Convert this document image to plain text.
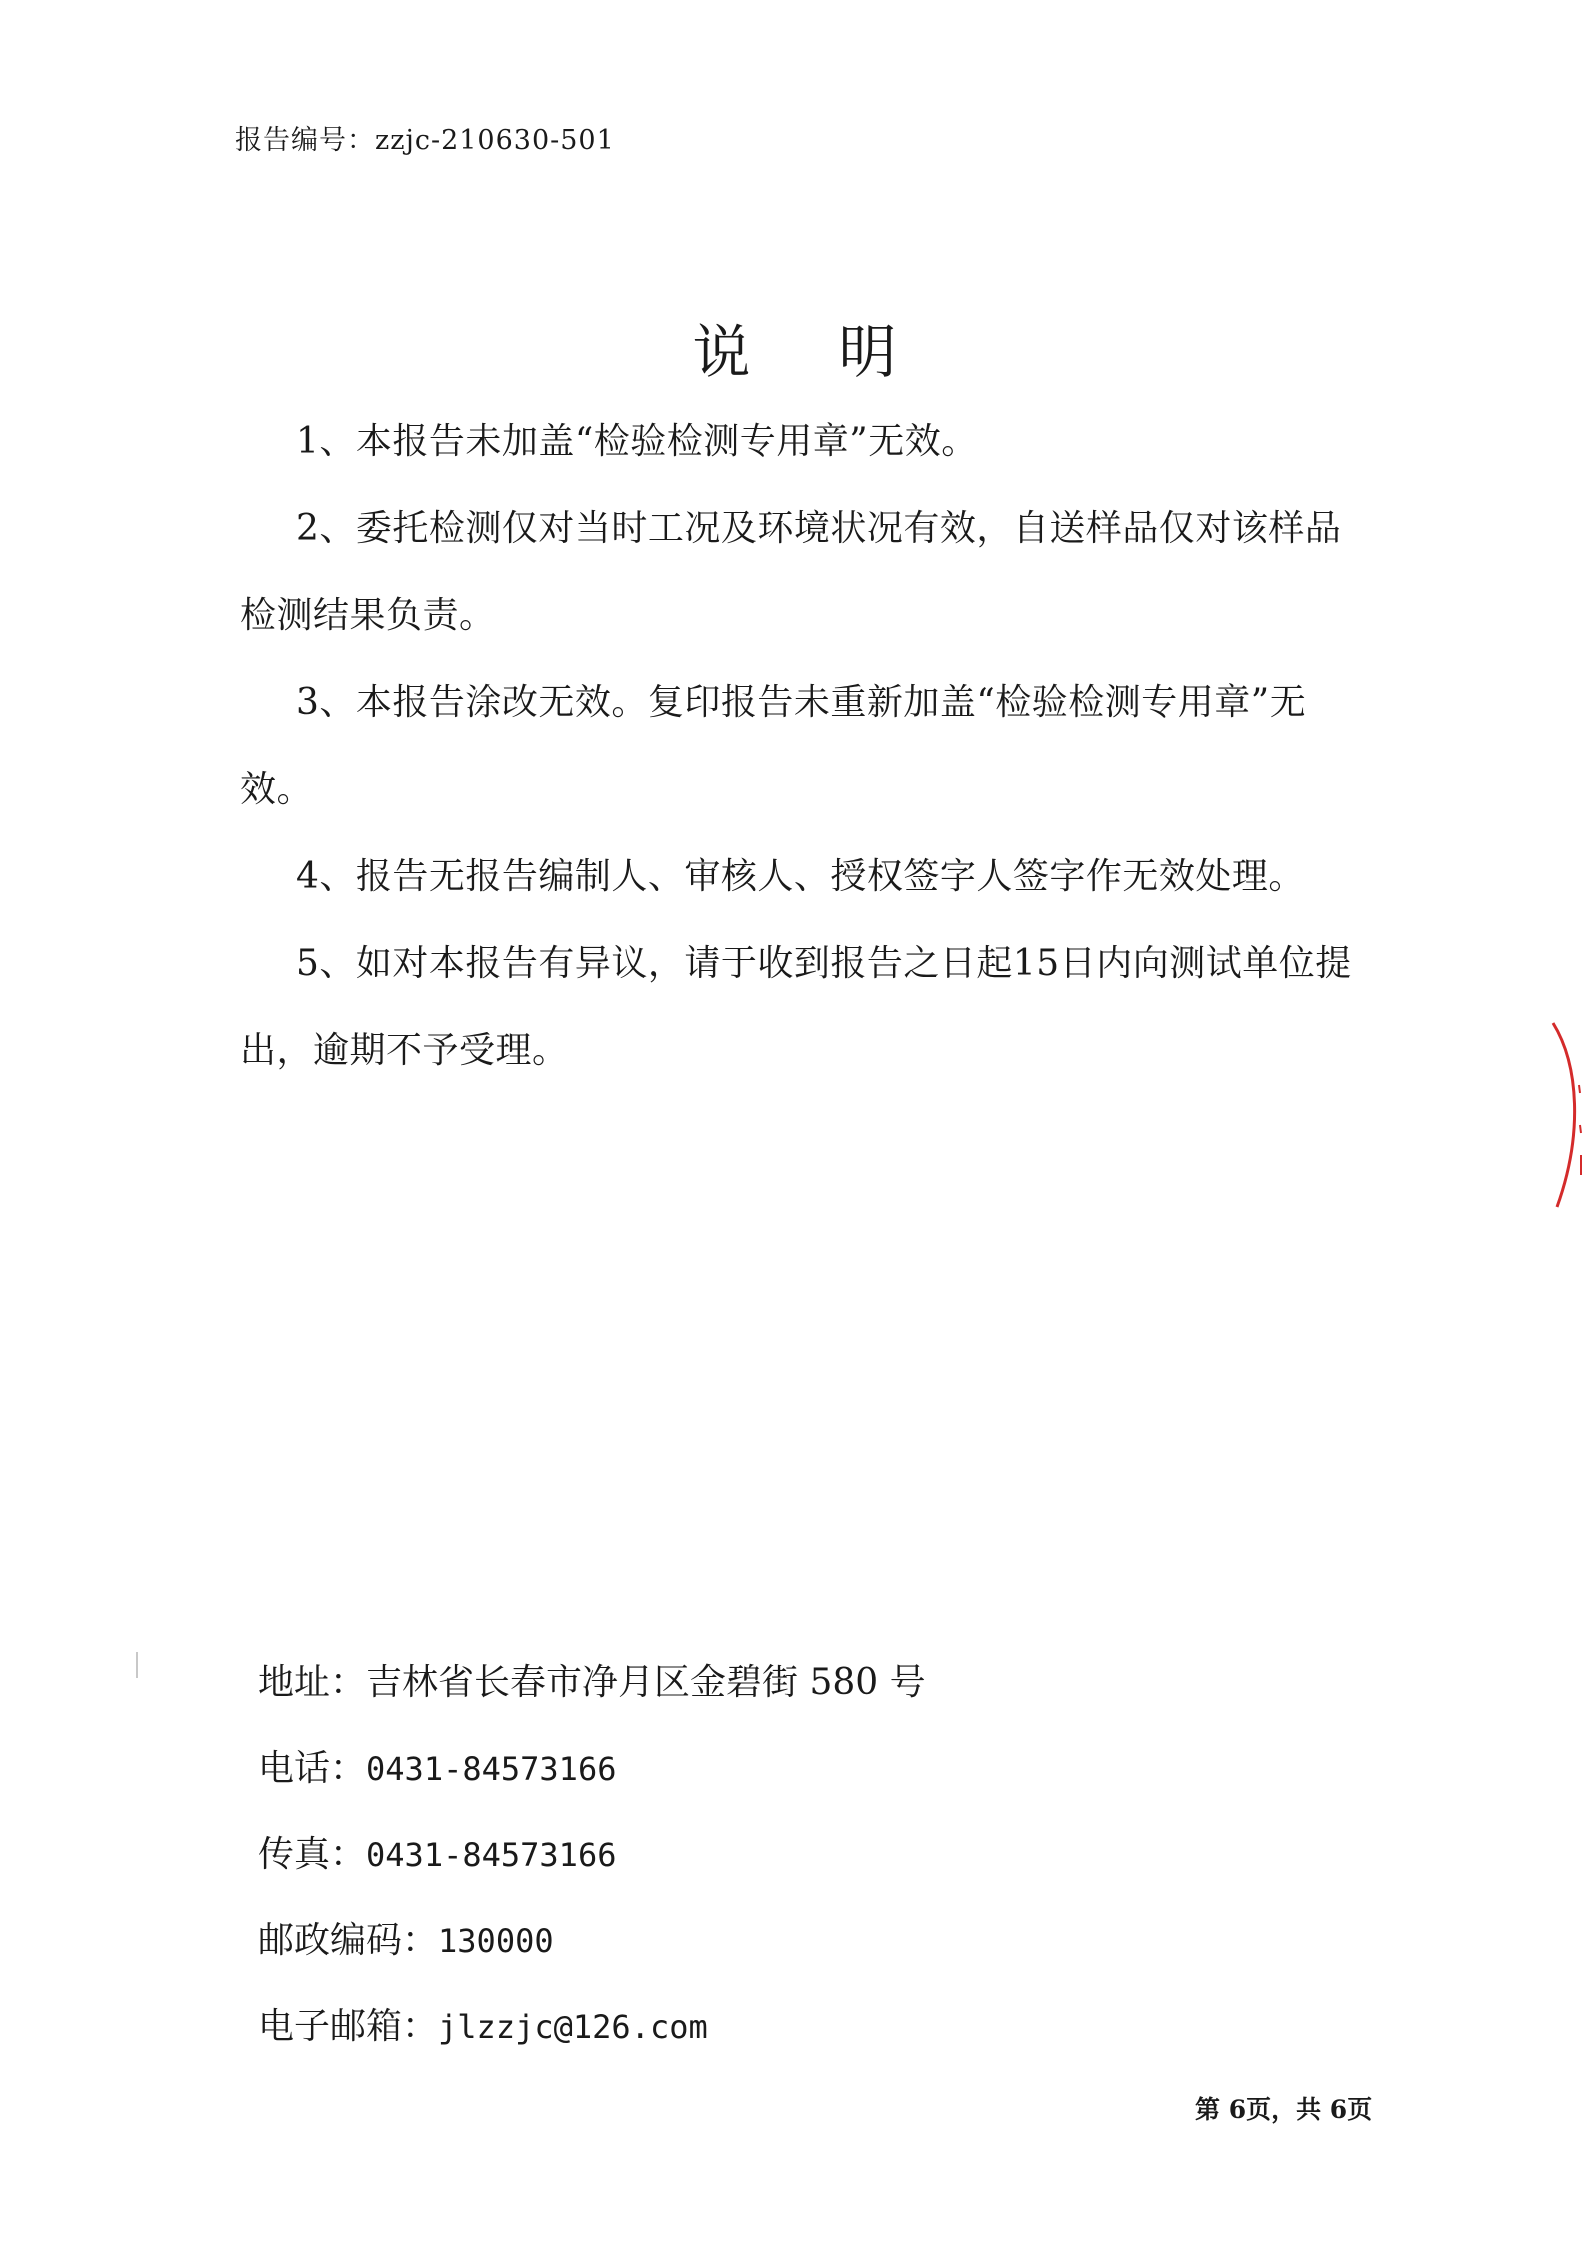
报告编号：zzjc-210630-501
说明

1、本报告未加盖“检验检测专用章”无效。

2、委托检测仅对当时工况及环境状况有效，自送样品仅对该样品检测结果负责。

3、本报告涂改无效。复印报告未重新加盖“检验检测专用章”无效。

4、报告无报告编制人、审核人、授权签字人签字作无效处理。

5、如对本报告有异议，请于收到报告之日起15日内向测试单位提出，逾期不予受理。

地址：吉林省长春市净月区金碧街 580 号
电话：0431-84573166
传真：0431-84573166
邮政编码：130000
电子邮箱：jlzzjc@126.com
第 6页，共 6页
